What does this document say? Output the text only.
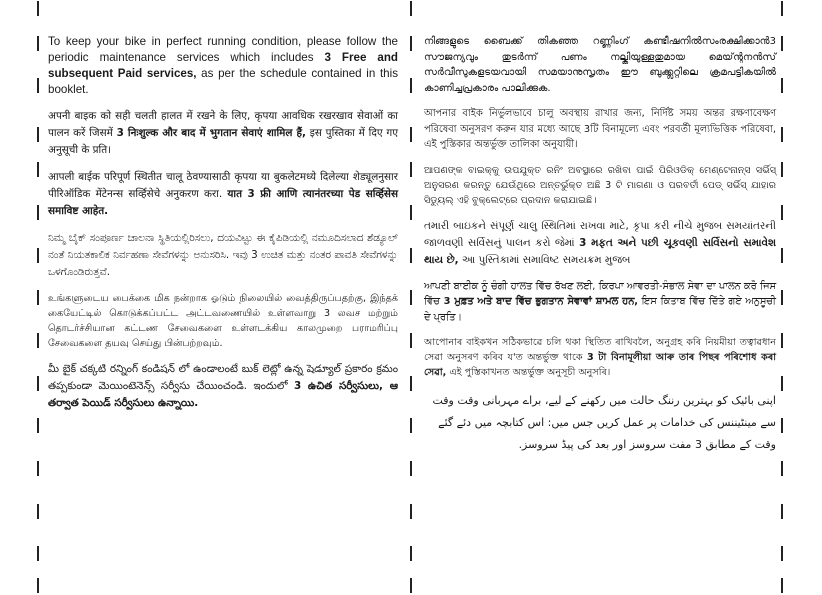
To keep your bike in perfect running condition, please follow the periodic maintenance services which includes 3 Free and subsequent Paid services, as per the schedule contained in this booklet.

अपनी बाइक को सही चलती हालत में रखने के लिए, कृपया आवधिक रखरखाव सेवाओं का पालन करें जिसमें 3 निःशुल्क और बाद में भुगतान सेवाएं शामिल हैं, इस पुस्तिका में दिए गए अनुसूची के प्रति।

आपली बाईक परिपूर्ण स्थितीत चालू ठेवण्यासाठी कृपया या बुकलेटमध्ये दिलेल्या शेड्यूलनुसार पीरिऑडिक मेंटेनन्स सर्व्हिसेचे अनुकरण करा. यात 3 फ्री आणि त्यानंतरच्या पेड सर्व्हिसेस समाविष्ट आहेत.

ನಿಮ್ಮ ಬೈಕ್ ಸಂಪೂರ್ಣ ಚಾಲನಾ ಸ್ಥಿತಿಯಲ್ಲಿರಿಸಲು, ದಯವಿಟ್ಟು ಈ ಕೈಪಿಡಿಯಲ್ಲಿ ನಮೂದಿಸಲಾದ ಶೆಡ್ಯೂಲ್ ನಂತೆ ನಿಯತಕಾಲಿಕ ನಿರ್ವಹಣಾ ಸೇವೆಗಳನ್ನು ಅನುಸರಿಸಿ. ಇವು 3 ಉಚಿತ ಮತ್ತು ನಂತರ ಪಾವತಿ ಸೇವೆಗಳನ್ನು ಒಳಗೊಂಡಿರುತ್ತವೆ.

உங்களுடைய பைக்கை மிக நன்றாக ஓடும் நிலையில் வைத்திருப்பதற்கு, இந்தக் கையேட்டில் கொடுக்கப்பட்ட அட்டவணையில் உள்ளவாறு 3 லவச மற்றும் தொடர்ச்சியான கட்டண சேவைகளை உள்ளடக்கிய காலமுறை பராமரிப்பு சேவைகளை தயவு செய்து பின்பற்றவும்.

మీ బైక్ చక్కటి రన్నింగ్ కండిషన్ లో ఉండాలంటే బుక్ లెట్లో ఉన్న షెడ్యూల్ ప్రకారం క్రమం తప్పకుండా మెయింటెనెన్స్ సర్వీసు చేయించండి. ఇందులో 3 ఉచిత సర్వీసులు, ఆ తర్వాత పెయిడ్ సర్వీసులు ఉన్నాయి.

നിങ്ങളുടെ ബൈക്ക് തികഞ്ഞ റണ്ണിംഗ് കണ്ടീഷനിൽസംരക്ഷിക്കാൻ3 സൗജന്യവും തുടർന്ന് പണം നല്കിയുള്ളതുമായ മെയ്ന്റനൻസ് സർവീസുകളടയവായി സമയാനുസൃതം ഈ ബുക്ക്ലറ്റിലെ ക്രമപട്ടികയിൽ കാണിച്ചപ്രകാരം പാലിക്കുക.

আপনার বাইক নির্ভুলভাবে চালু অবস্থায় রাখার জন্য, নির্দিষ্ট সময় অন্তর রক্ষণাবেক্ষণ পরিষেবা অনুসরণ করুন যার মধ্যে আছে 3টি বিনামূল্যে এবং পরবর্তী মূল্যভিত্তিক পরিষেবা, এই পুস্তিকার অন্তর্ভুক্ত তালিকা অনুযায়ী।

ଆପଣଙ୍କ ବାଇକ୍କୁ ଉପଯୁକ୍ତ ରନିଂ ଅବସ୍ଥାରେ ରଖିବା ପାଇଁ ପିରିଓଡିକ୍ ମେଣ୍ଟେନାନ୍ସ ସର୍ଭିସ୍ ଅନୁସରଣ କରନ୍ତୁ ଯେଉଁଥିରେ ଅନ୍ତର୍ଭୁକ୍ତ ଅଛି 3 ଟି ମାଗଣା ଓ ପରବର୍ତୀ ପେଡ୍ ସର୍ଭିସ୍ ଯାହାର ସିଡ୍ୟୁଲ୍ ଏହି ବୁକ୍ଲେଟ୍ରେ ପ୍ରଦାନ କରାଯାଇଛି।

તમારી બાઇકને સંપૂર્ણ ચાલુ સ્થિતિમાં રાખવા માટે, કૃપા કરી નીચે મુજબ સમયાંતરની જાળવણી સર્વિસનું પાલન કરો જેમાં 3 મફત અને પછી ચૂકવણી સર્વિસનો સમાવેશ થાય છે, આ પુસ્તિકામાં સમાવિષ્ટ સમયક્રમ મુજબ

ਆਪਣੀ ਬਾਈਕ ਨੂੰ ਚੰਗੀ ਹਾਲਤ ਵਿੱਚ ਰੱਖਣ ਲਈ, ਕਿਰਪਾ ਆਵਰਤੀ-ਸੰਭਾਲ ਸੇਵਾ ਦਾ ਪਾਲਨ ਕਰੋ ਜਿਸ ਵਿੱਚ 3 ਮੁਫ਼ਤ ਅਤੇ ਬਾਦ ਵਿੱਚ ਭੁਗਤਾਨ ਸੇਵਾਵਾਂ ਸ਼ਾਮਲ ਹਨ, ਇਸ ਕਿਤਾਬ ਵਿੱਚ ਦਿੱਤੇ ਗਏ ਅਨੁਸੂਚੀ ਦੇ ਪ੍ਰਤਿ।

আপোনাৰ বাইকখন সঠিকভাৱে চলি থকা স্থিতিত ৰাখিবলৈ, অনুগ্ৰহ কৰি নিয়মীয়া তত্বাৱধান সেৱা অনুসৰণ কৰিব য'ত অন্তৰ্ভুক্ত থাকে 3 টা বিনামূলীয়া আৰু তাৰ পিছৰ পৰিশোধ কৰা সেৱা, এই পুস্তিকাখনত অন্তৰ্ভুক্ত অনুসূচী অনুসৰি।

اپنی بائیک کو بہترین رننگ حالت میں رکھنے کے لیے، براے مہربانی وقت وقت سے مینٹیننس کی خدامات پر عمل کریں جس میں: اس کتابچہ میں دئے گئے وقت کے مطابق 3 مفت سروسز اور بعد کی پیڈ سروسز.
